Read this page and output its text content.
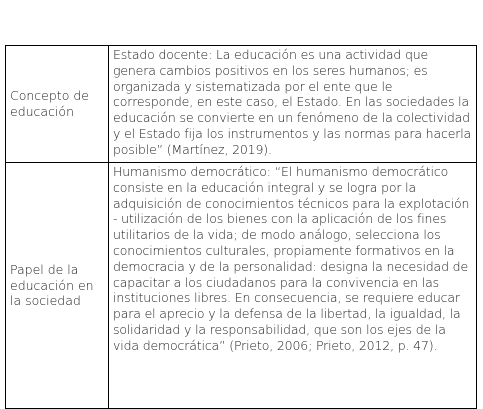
Concepto de educación	Estado docente: La educación es una actividad que genera cambios positivos en los seres humanos; es organizada y sistematizada por el ente que le corresponde, en este caso, el Estado. En las sociedades la educación se convierte en un fenómeno de la colectividad y el Estado fija los instrumentos y las normas para hacerla posible” (Martínez, 2019).
Papel de la educación en la sociedad	Humanismo democrático: “El humanismo democrático consiste en la educación integral y se logra por la adquisición de conocimientos técnicos para la explotación - utilización de los bienes con la aplicación de los fines utilitarios de la vida; de modo análogo, selecciona los conocimientos culturales, propiamente formativos en la democracia y de la personalidad: designa la necesidad de capacitar a los ciudadanos para la convivencia en las instituciones libres. En consecuencia, se requiere educar para el aprecio y la defensa de la libertad, la igualdad, la solidaridad y la responsabilidad, que son los ejes de la vida democrática” (Prieto, 2006; Prieto, 2012, p. 47).
